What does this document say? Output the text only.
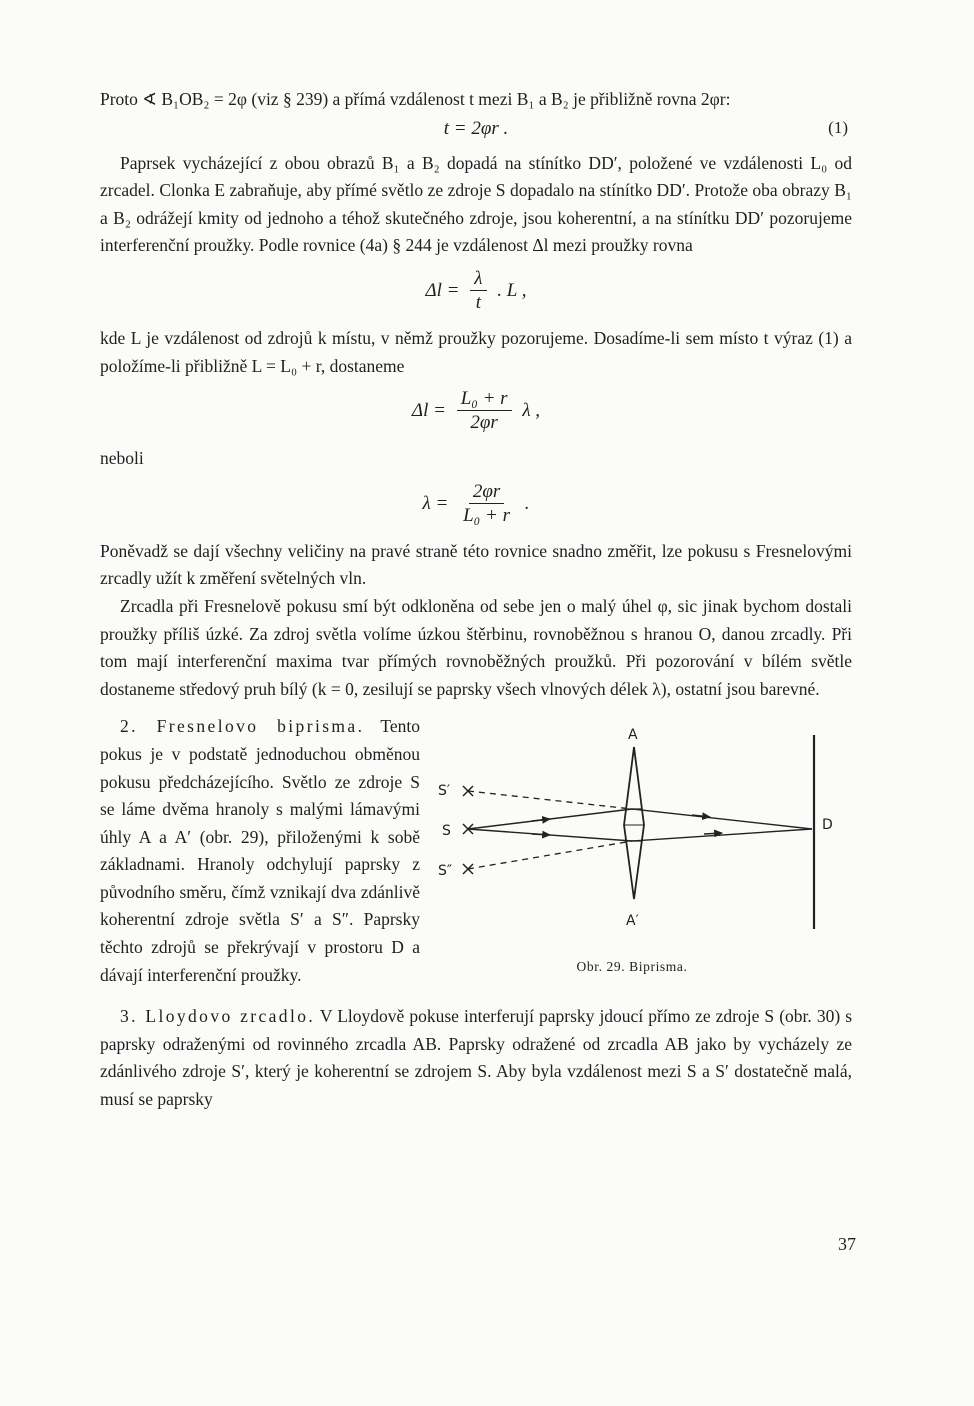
Proto ∢ B₁OB₂ = 2φ (viz § 239) a přímá vzdálenost t mezi B₁ a B₂ je přibližně rovna 2φr:

t = 2φr .	(1)

Paprsek vycházející z obou obrazů B₁ a B₂ dopadá na stínítko DD′, položené ve vzdálenosti L₀ od zrcadel. Clonka E zabraňuje, aby přímé světlo ze zdroje S dopadalo na stínítko DD′. Protože oba obrazy B₁ a B₂ odrážejí kmity od jednoho a téhož skutečného zdroje, jsou koherentní, a na stínítku DD′ pozorujeme interferenční proužky. Podle rovnice (4a) § 244 je vzdálenost Δl mezi proužky rovna

$\Delta l = \frac{\lambda}{t}$ . L ,

kde L je vzdálenost od zdrojů k místu, v němž proužky pozorujeme. Dosadíme-li sem místo t výraz (1) a položíme-li přibližně L = L₀ + r, dostaneme

$\Delta l = \frac{\text{L₀ + r}}{2\varphi r}$ λ ,

neboli

$\lambda = \frac{2\varphi r}{\text{L₀ + r}}$ .

Poněvadž se dají všechny veličiny na pravé straně této rovnice snadno změřit, lze pokusu s Fresnelovými zrcadly užít k změření světelných vln.

Zrcadla při Fresnelově pokusu smí být odkloněna od sebe jen o malý úhel φ, sic jinak bychom dostali proužky příliš úzké. Za zdroj světla volíme úzkou štěrbinu, rovnoběžnou s hranou O, danou zrcadly. Při tom mají interferenční maxima tvar přímých rovnoběžných proužků. Při pozorování v bílém světle dostaneme středový pruh bílý (k = 0, zesilují se paprsky všech vlnových délek λ), ostatní jsou barevné.

A
A′
S
S′
S″
D
Obr. 29. Biprisma.

2. Fresnelovo biprisma. Tento pokus je v podstatě jednoduchou obměnou pokusu předcházejícího. Světlo ze zdroje S se láme dvěma hranoly s malými lámavými úhly A a A′ (obr. 29), přiloženými k sobě základnami. Hranoly odchylují paprsky z původního směru, čímž vznikají dva zdánlivě koherentní zdroje světla S′ a S″. Paprsky těchto zdrojů se překrývají v prostoru D a dávají interferenční proužky.

3. Lloydovo zrcadlo. V Lloydově pokuse interferují paprsky jdoucí přímo ze zdroje S (obr. 30) s paprsky odraženými od rovinného zrcadla AB. Paprsky odražené od zrcadla AB jako by vycházely ze zdánlivého zdroje S′, který je koherentní se zdrojem S. Aby byla vzdálenost mezi S a S′ dostatečně malá, musí se paprsky

37
